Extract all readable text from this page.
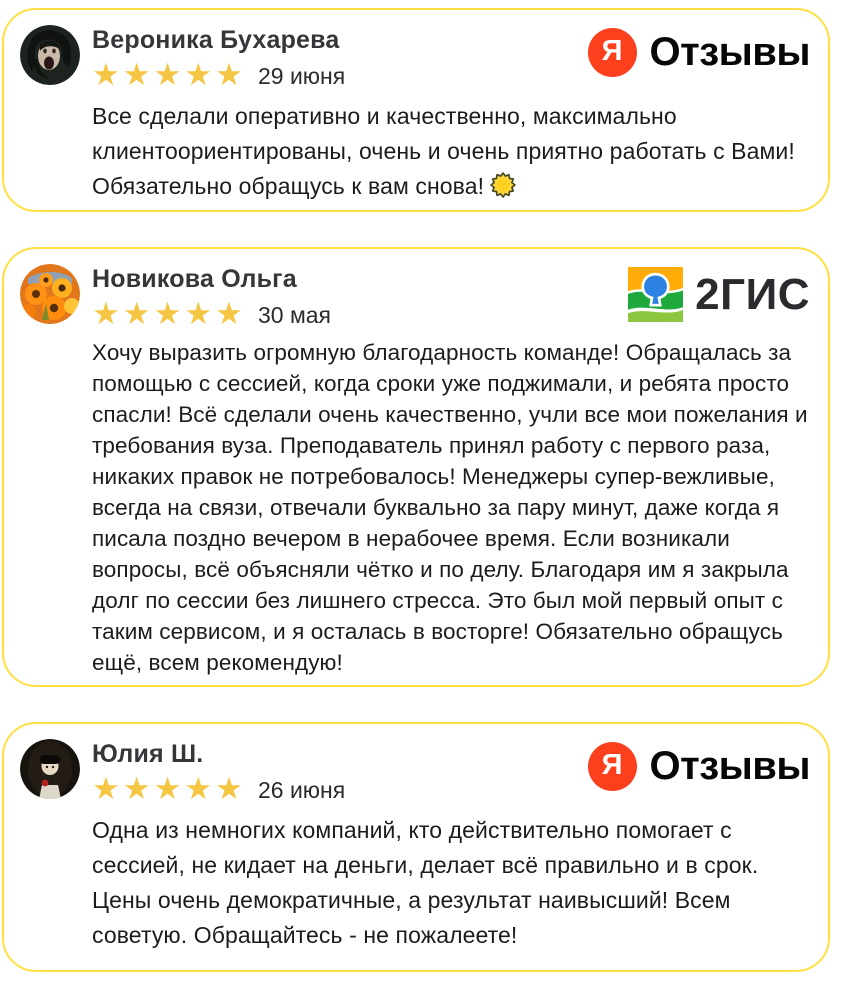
Вероника Бухарева
★★★★★ 29 июня
Я Отзывы
Все сделали оперативно и качественно, максимально клиентоориентированы, очень и очень приятно работать с Вами! Обязательно обращусь к вам снова!
Новикова Ольга
★★★★★ 30 мая	2ГИС
Хочу выразить огромную благодарность команде! Обращалась за помощью с сессией, когда сроки уже поджимали, и ребята просто спасли! Всё сделали очень качественно, учли все мои пожелания и требования вуза. Преподаватель принял работу с первого раза, никаких правок не потребовалось! Менеджеры супер-вежливые, всегда на связи, отвечали буквально за пару минут, даже когда я писала поздно вечером в нерабочее время. Если возникали вопросы, всё объясняли чётко и по делу. Благодаря им я закрыла долг по сессии без лишнего стресса. Это был мой первый опыт с таким сервисом, и я осталась в восторге! Обязательно обращусь ещё, всем рекомендую!
Юлия Ш.
★★★★★ 26 июня
Я Отзывы
Одна из немногих компаний, кто действительно помогает с сессией, не кидает на деньги, делает всё правильно и в срок. Цены очень демократичные, а результат наивысший! Всем советую. Обращайтесь - не пожалеете!
